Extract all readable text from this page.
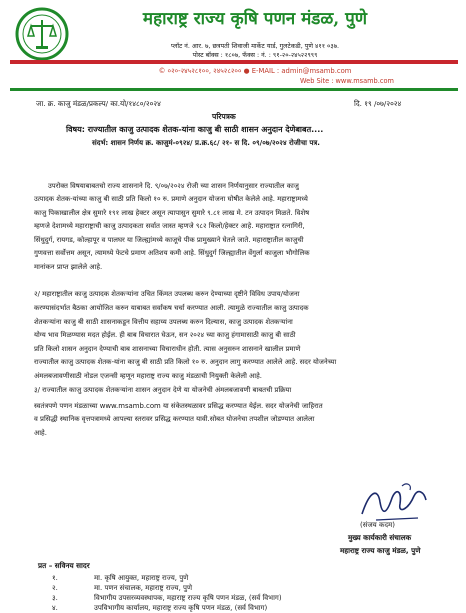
महाराष्ट्र राज्य कृषि पणन मंडळ, पुणे
प्लॉट नं. आर. ७, छत्रपती शिवाजी मार्केट यार्ड, गुलटेकडी, पुणे ४११ ०३७.
पोस्ट बॉक्स : १८०७, फॅक्स : नं. : ९१-२०-२४५२२९९९
© ०२०-२४५२८१००, २४५२८२०० ● E-MAIL : admin@msamb.com
Web Site : www.msamb.com
जा. क्र. काजु मंडळ/प्रकल्प/ का.यो/१४८०/२०२४	दि. १९ /०७/२०२४
परिपत्रक
विषय: राज्यातील काजु उत्पादक शेतक-यांना काजु बी साठी शासन अनुदान देणेबाबत....
संदर्भ: शासन निर्णय क्र. काजुमं-०९२४/ प्र.क्र.६८/ २१- स दि. ०९/०७/२०२४ रोजीचा पत्र.
उपरोक्त विषयाबाबतचो राज्य शासनाने दि. ९/०७/२०२४ रोजी च्या शासन निर्णयानुसार राज्यातील काजु
उत्पादक शेतक-यांच्या काजु बी साठी प्रति किलो १० रु. प्रमाणे अनुदान योजना घोषीत केलेले आहे. महाराष्ट्रामध्ये
काजु पिकाखालील क्षेत्र सुमारे १९१ लाख हेक्टर असून त्यापासुन सुमारे ९.८१ लाख मे. टन उत्पादन मिळते. विशेष
म्हणजे देशामध्ये महाराष्ट्राची काजु उत्पादकता सर्वात जास्त म्हणजे ९८२ किलो/हेक्टर आहे. महाराष्ट्रात रत्नागिरी,
सिंधुदुर्ग, रायगड, कोल्हापूर व पालघर या जिल्ह्यांमध्ये काजूचे पीक प्रामुख्याने घेतले जाते. महाराष्ट्रातील काजुची
गुणवत्ता सर्वोत्तम असून, त्यामध्ये फेटचे प्रमाण अतिशय कमी आहे. सिंधुदुर्ग जिल्ह्यातील वेंगुर्ला काजुला भौगोलिक
मानांकन प्राप्त झालेले आहे.
२/ महाराष्ट्रातील काजु उत्पादक शेतकऱ्यांना उचित किंमत उपलब्ध करुन देण्याच्या दृष्टीने विविध उपाय/योजना
करण्यासंदर्भात बैठका आयोजित करुन याबाबत सर्वांकष चर्चा करण्यात आली. त्यामुळे राज्यातील काजु उत्पादक
शेतकऱ्यांना काजु बी साठी शासनाकडून वित्तीय सहाय्य उपलब्ध करुन दिल्यास, काजु उत्पादक शेतकऱ्यांना
योग्य भाव मिळण्यास मदत होईल. ही बाब विचारात घेऊन, सन २०२४ च्या काजु हंगामासाठी काजु बी साठी
प्रति किलो शासन अनुदान देण्याची बाब शासनाच्या विचाराधीन होती. त्यास अनुसरुन शासनाने खालील प्रमाणे
राज्यातील काजु उत्पादक शेतक-यांना काजु बी साठी प्रति किलो १० रु. अनुदान लागु करण्यात आलेले आहे. सदर योजनेच्या
अंमलबजावणीसाठी नोडल एजन्सी म्हणून महाराष्ट्र राज्य काजु मंडळाची नियुक्ती केलेली आहे.
३/ राज्यातील काजु उत्पादक शेतकऱ्यांना शासन अनुदान देणे या योजनेची अंमलबजावणी बाबतची प्रक्रिया
स्वतंत्रपणे पणन मंडळाच्या www.msamb.com या संकेतस्थळावर प्रसिद्ध करण्यात येईल. सदर योजनेची जाहिरात
व प्रसिद्धी स्थानिक वृत्तपत्रामध्ये आपल्या स्तरावर प्रसिद्ध करण्यात यावी.सोबत योजनेचा तपशील जोडण्यात आलेला
आहे.
(संजय कदम)
मुख्य कार्यकारी संचालक
महाराष्ट्र राज्य काजु मंडळ, पुणे
प्रत – सविनय सादर
१.	मा. कृषि आयुक्त, महाराष्ट्र राज्य, पुणे
२.	मा. पणन संचालक, महाराष्ट्र राज्य, पुणे
३.	विभागीय उपसरव्यवस्थापक, महाराष्ट्र राज्य कृषि पणन मंडळ, (सर्व विभाग)
४.	उपविभागीय कार्यालय, महाराष्ट्र राज्य कृषि पणन मंडळ, (सर्व विभाग)
